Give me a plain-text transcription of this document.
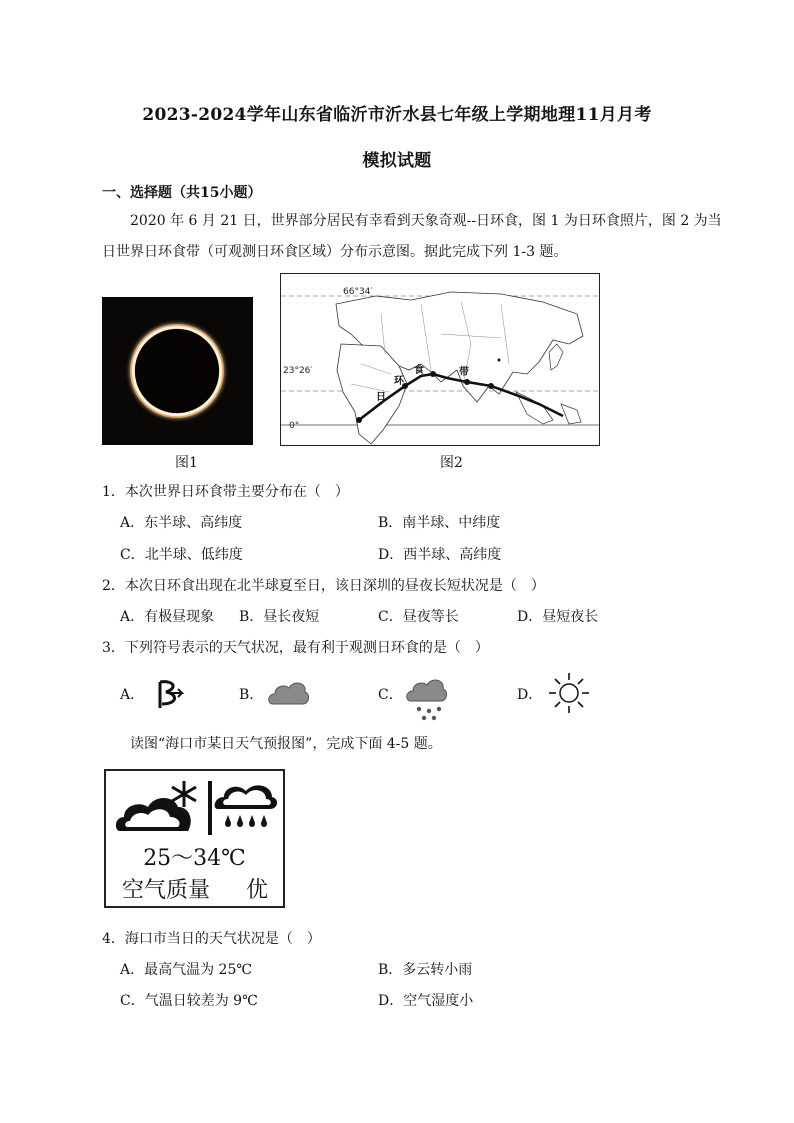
2023-2024学年山东省临沂市沂水县七年级上学期地理11月月考
模拟试题
一、选择题（共15小题）
2020 年 6 月 21 日，世界部分居民有幸看到天象奇观--日环食，图 1 为日环食照片，图 2 为当
日世界日环食带（可观测日环食区域）分布示意图。据此完成下列 1-3 题。
图1
66°34′
23°26′
0°
日
环
食	带
图2
1．本次世界日环食带主要分布在（　）
A．东半球、高纬度	B．南半球、中纬度
C．北半球、低纬度	D．西半球、高纬度
2．本次日环食出现在北半球夏至日，该日深圳的昼夜长短状况是（　）
A．有极昼现象 B．昼长夜短	C．昼夜等长	D．昼短夜长
3．下列符号表示的天气状况，最有利于观测日环食的是（　）
A．	B．	C．	D．
读图“海口市某日天气预报图”，完成下面 4-5 题。
25～34℃
空气质量 优
4．海口市当日的天气状况是（　）
A．最高气温为 25℃	B．多云转小雨
C．气温日较差为 9℃	D．空气湿度小
